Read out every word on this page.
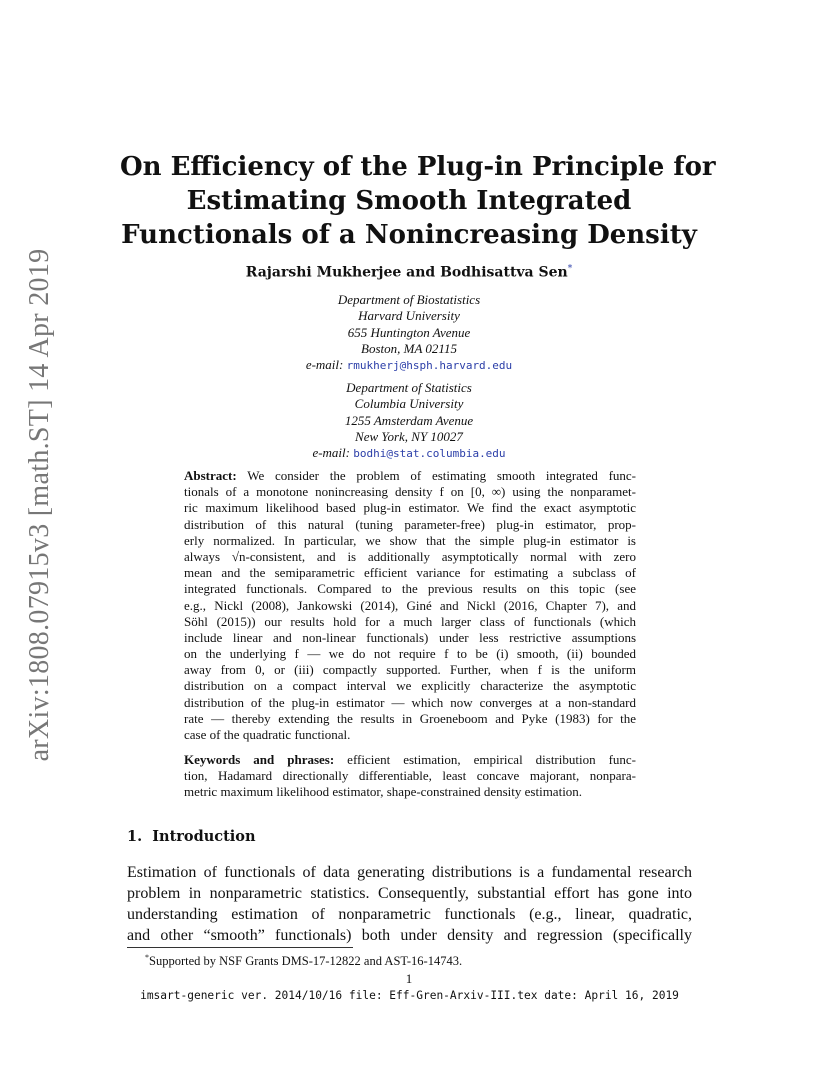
arXiv:1808.07915v3 [math.ST] 14 Apr 2019
On Efficiency of the Plug-in Principle for
Estimating Smooth Integrated
Functionals of a Nonincreasing Density
Rajarshi Mukherjee and Bodhisattva Sen*
Department of Biostatistics
Harvard University
655 Huntington Avenue
Boston, MA 02115
e-mail: rmukherj@hsph.harvard.edu
Department of Statistics
Columbia University
1255 Amsterdam Avenue
New York, NY 10027
e-mail: bodhi@stat.columbia.edu
Abstract: We consider the problem of estimating smooth integrated func-
tionals of a monotone nonincreasing density f on [0, ∞) using the nonparamet-
ric maximum likelihood based plug-in estimator. We find the exact asymptotic
distribution of this natural (tuning parameter-free) plug-in estimator, prop-
erly normalized. In particular, we show that the simple plug-in estimator is
always √n-consistent, and is additionally asymptotically normal with zero
mean and the semiparametric efficient variance for estimating a subclass of
integrated functionals. Compared to the previous results on this topic (see
e.g., Nickl (2008), Jankowski (2014), Giné and Nickl (2016, Chapter 7), and
Söhl (2015)) our results hold for a much larger class of functionals (which
include linear and non-linear functionals) under less restrictive assumptions
on the underlying f — we do not require f to be (i) smooth, (ii) bounded
away from 0, or (iii) compactly supported. Further, when f is the uniform
distribution on a compact interval we explicitly characterize the asymptotic
distribution of the plug-in estimator — which now converges at a non-standard
rate — thereby extending the results in Groeneboom and Pyke (1983) for the
case of the quadratic functional.
Keywords and phrases: efficient estimation, empirical distribution func-
tion, Hadamard directionally differentiable, least concave majorant, nonpara-
metric maximum likelihood estimator, shape-constrained density estimation.
1. Introduction
Estimation of functionals of data generating distributions is a fundamental research
problem in nonparametric statistics. Consequently, substantial effort has gone into
understanding estimation of nonparametric functionals (e.g., linear, quadratic,
and other “smooth” functionals) both under density and regression (specifically
*Supported by NSF Grants DMS-17-12822 and AST-16-14743.
1
imsart-generic ver. 2014/10/16 file: Eff-Gren-Arxiv-III.tex date: April 16, 2019
